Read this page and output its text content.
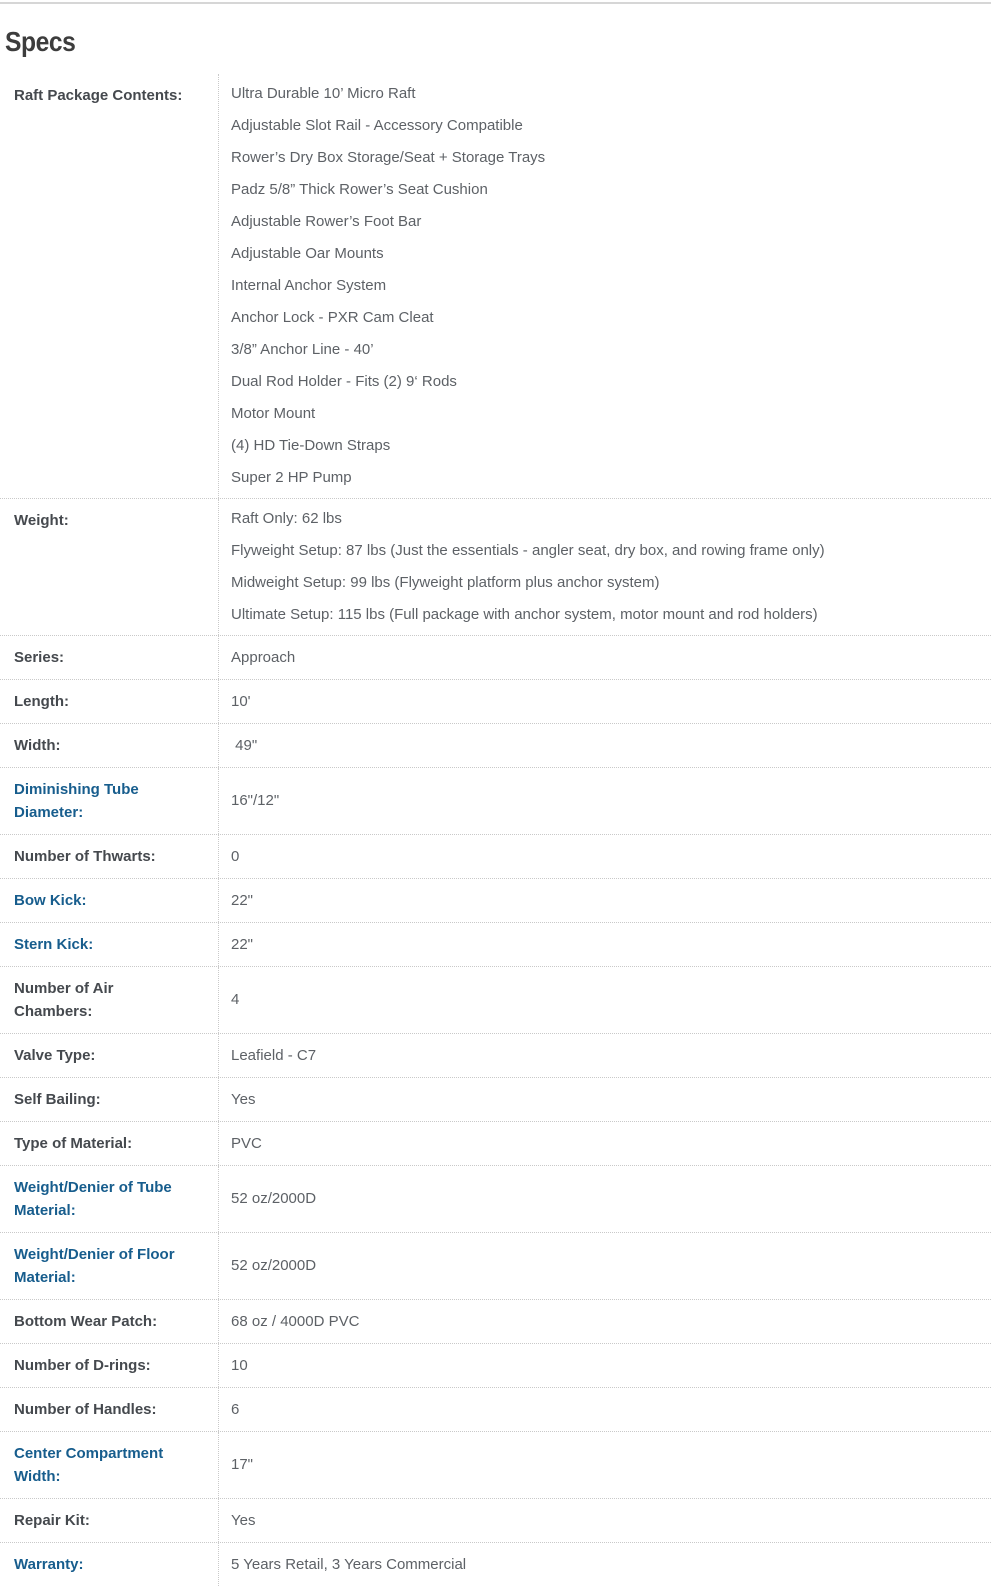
Specs
Raft Package Contents:	Ultra Durable 10’ Micro Raft

Adjustable Slot Rail - Accessory Compatible

Rower’s Dry Box Storage/Seat + Storage Trays

Padz 5/8” Thick Rower’s Seat Cushion

Adjustable Rower’s Foot Bar

Adjustable Oar Mounts

Internal Anchor System

Anchor Lock - PXR Cam Cleat

3/8” Anchor Line - 40’

Dual Rod Holder - Fits (2) 9‘ Rods

Motor Mount

(4) HD Tie-Down Straps

Super 2 HP Pump

Weight:	Raft Only: 62 lbs

Flyweight Setup: 87 lbs (Just the essentials - angler seat, dry box, and rowing frame only)

Midweight Setup: 99 lbs (Flyweight platform plus anchor system)

Ultimate Setup: 115 lbs (Full package with anchor system, motor mount and rod holders)

Series:	Approach

Length:	10'

Width:	49"

Diminishing Tube Diameter:

16"/12"

Number of Thwarts:	0

Bow Kick:	22"

Stern Kick:	22"

Number of Air Chambers:

4

Valve Type:	Leafield - C7

Self Bailing:	Yes

Type of Material:	PVC

Weight/Denier of Tube Material:

52 oz/2000D

Weight/Denier of Floor Material:

52 oz/2000D

Bottom Wear Patch:	68 oz / 4000D PVC

Number of D-rings:	10

Number of Handles:	6

Center Compartment Width:

17"

Repair Kit:	Yes

Warranty:	5 Years Retail, 3 Years Commercial
